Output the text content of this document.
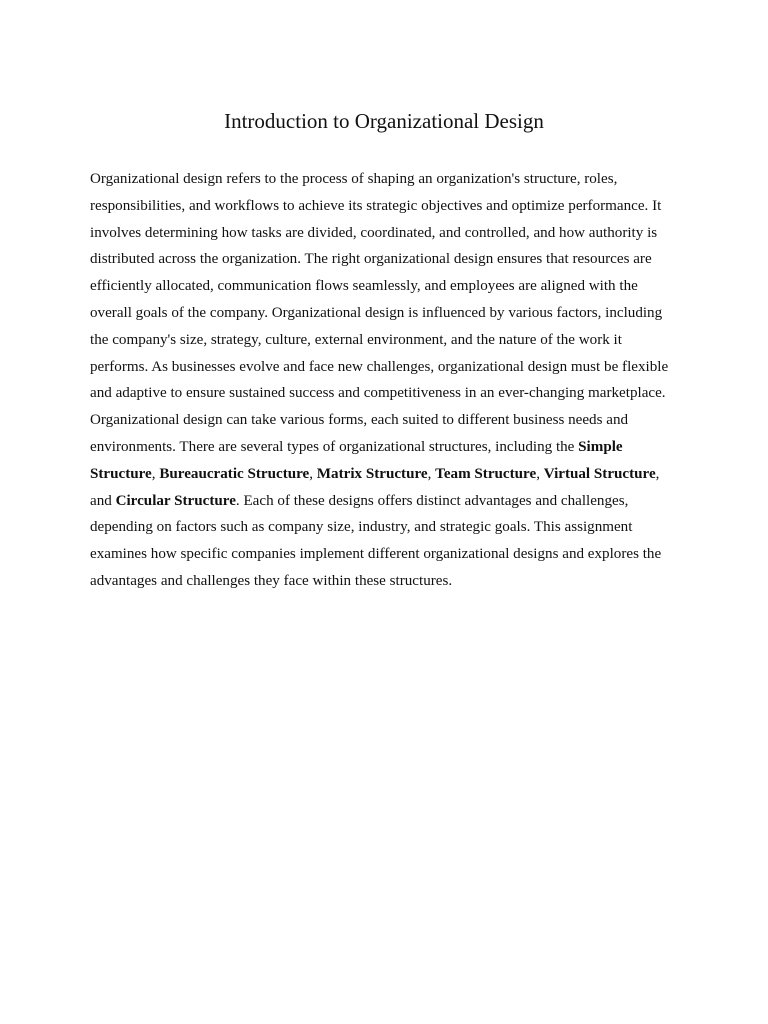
Introduction to Organizational Design
Organizational design refers to the process of shaping an organization's structure, roles,
responsibilities, and workflows to achieve its strategic objectives and optimize performance. It
involves determining how tasks are divided, coordinated, and controlled, and how authority is
distributed across the organization. The right organizational design ensures that resources are
efficiently allocated, communication flows seamlessly, and employees are aligned with the
overall goals of the company. Organizational design is influenced by various factors, including
the company's size, strategy, culture, external environment, and the nature of the work it
performs. As businesses evolve and face new challenges, organizational design must be flexible
and adaptive to ensure sustained success and competitiveness in an ever-changing marketplace.
Organizational design can take various forms, each suited to different business needs and
environments. There are several types of organizational structures, including the Simple
Structure, Bureaucratic Structure, Matrix Structure, Team Structure, Virtual Structure,
and Circular Structure. Each of these designs offers distinct advantages and challenges,
depending on factors such as company size, industry, and strategic goals. This assignment
examines how specific companies implement different organizational designs and explores the
advantages and challenges they face within these structures.
